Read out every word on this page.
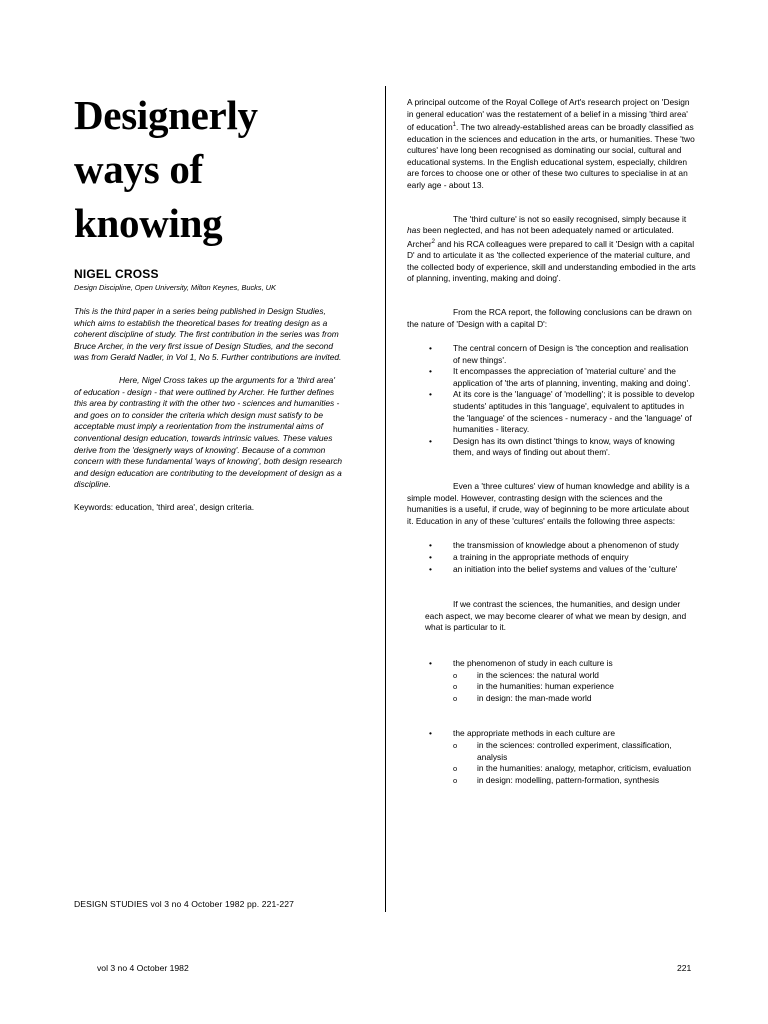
Designerly
ways of
knowing

NIGEL CROSS

Design Discipline, Open University, Milton Keynes, Bucks, UK

This is the third paper in a series being published in Design Studies, which aims to establish the theoretical bases for treating design as a coherent discipline of study. The first contribution in the series was from Bruce Archer, in the very first issue of Design Studies, and the second was from Gerald Nadler, in Vol 1, No 5. Further contributions are invited.

Here, Nigel Cross takes up the arguments for a 'third area' of education - design - that were outlined by Archer. He further defines this area by contrasting it with the other two - sciences and humanities - and goes on to consider the criteria which design must satisfy to be acceptable must imply a reorientation from the instrumental aims of conventional design education, towards intrinsic values. These values derive from the 'designerly ways of knowing'. Because of a common concern with these fundamental 'ways of knowing', both design research and design education are contributing to the development of design as a discipline.

Keywords: education, 'third area', design criteria.

DESIGN STUDIES vol 3 no 4 October 1982 pp. 221-227

A principal outcome of the Royal College of Art's research project on 'Design in general education' was the restatement of a belief in a missing 'third area' of education$^1$. The two already-established areas can be broadly classified as education in the sciences and education in the arts, or humanities. These 'two cultures' have long been recognised as dominating our social, cultural and educational systems. In the English educational system, especially, children are forces to choose one or other of these two cultures to specialise in at an early age - about 13.

The 'third culture' is not so easily recognised, simply because it has been neglected, and has not been adequately named or articulated. Archer$^2$ and his RCA colleagues were prepared to call it 'Design with a capital D' and to articulate it as 'the collected experience of the material culture, and the collected body of experience, skill and understanding embodied in the arts of planning, inventing, making and doing'.

From the RCA report, the following conclusions can be drawn on the nature of 'Design with a capital D':

• The central concern of Design is 'the conception and realisation of new things'.
• It encompasses the appreciation of 'material culture' and the application of 'the arts of planning, inventing, making and doing'.
• At its core is the 'language' of 'modelling'; it is possible to develop students' aptitudes in this 'language', equivalent to aptitudes in the 'language' of the sciences - numeracy - and the 'language' of humanities - literacy.
• Design has its own distinct 'things to know, ways of knowing them, and ways of finding out about them'.

Even a 'three cultures' view of human knowledge and ability is a simple model. However, contrasting design with the sciences and the humanities is a useful, if crude, way of beginning to be more articulate about it. Education in any of these 'cultures' entails the following three aspects:

• the transmission of knowledge about a phenomenon of study
• a training in the appropriate methods of enquiry
• an initiation into the belief systems and values of the 'culture'

If we contrast the sciences, the humanities, and design under each aspect, we may become clearer of what we mean by design, and what is particular to it.

• the phenomenon of study in each culture is
o in the sciences: the natural world
o in the humanities: human experience
o in design: the man-made world
• the appropriate methods in each culture are
o in the sciences: controlled experiment, classification, analysis
o in the humanities: analogy, metaphor, criticism, evaluation
o in design: modelling, pattern-formation, synthesis
vol 3 no 4 October 1982	221
